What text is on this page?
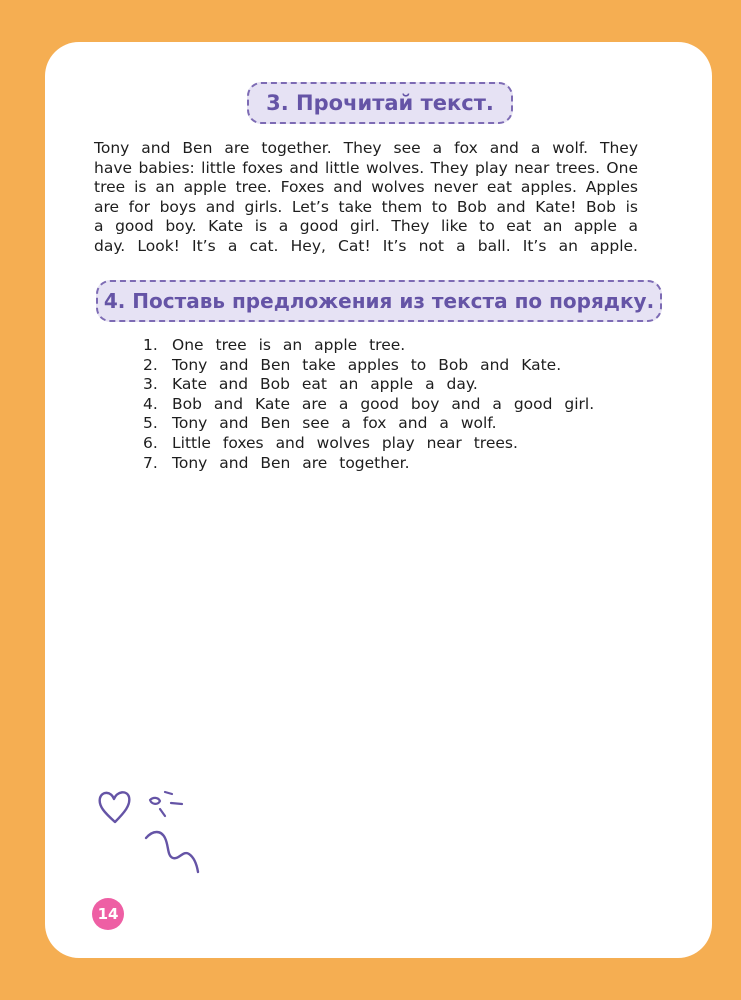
3. Прочитай текст.
Tony and Ben are together. They see a fox and a wolf. They
have babies: little foxes and little wolves. They play near trees. One
tree is an apple tree. Foxes and wolves never eat apples. Apples
are for boys and girls. Let’s take them to Bob and Kate! Bob is
a good boy. Kate is a good girl. They like to eat an apple a
day. Look! It’s a cat. Hey, Cat! It’s not a ball. It’s an apple.
4. Поставь предложения из текста по порядку.
1. One tree is an apple tree.
2. Tony and Ben take apples to Bob and Kate.
3. Kate and Bob eat an apple a day.
4. Bob and Kate are a good boy and a good girl.
5. Tony and Ben see a fox and a wolf.
6. Little foxes and wolves play near trees.
7. Tony and Ben are together.
14
